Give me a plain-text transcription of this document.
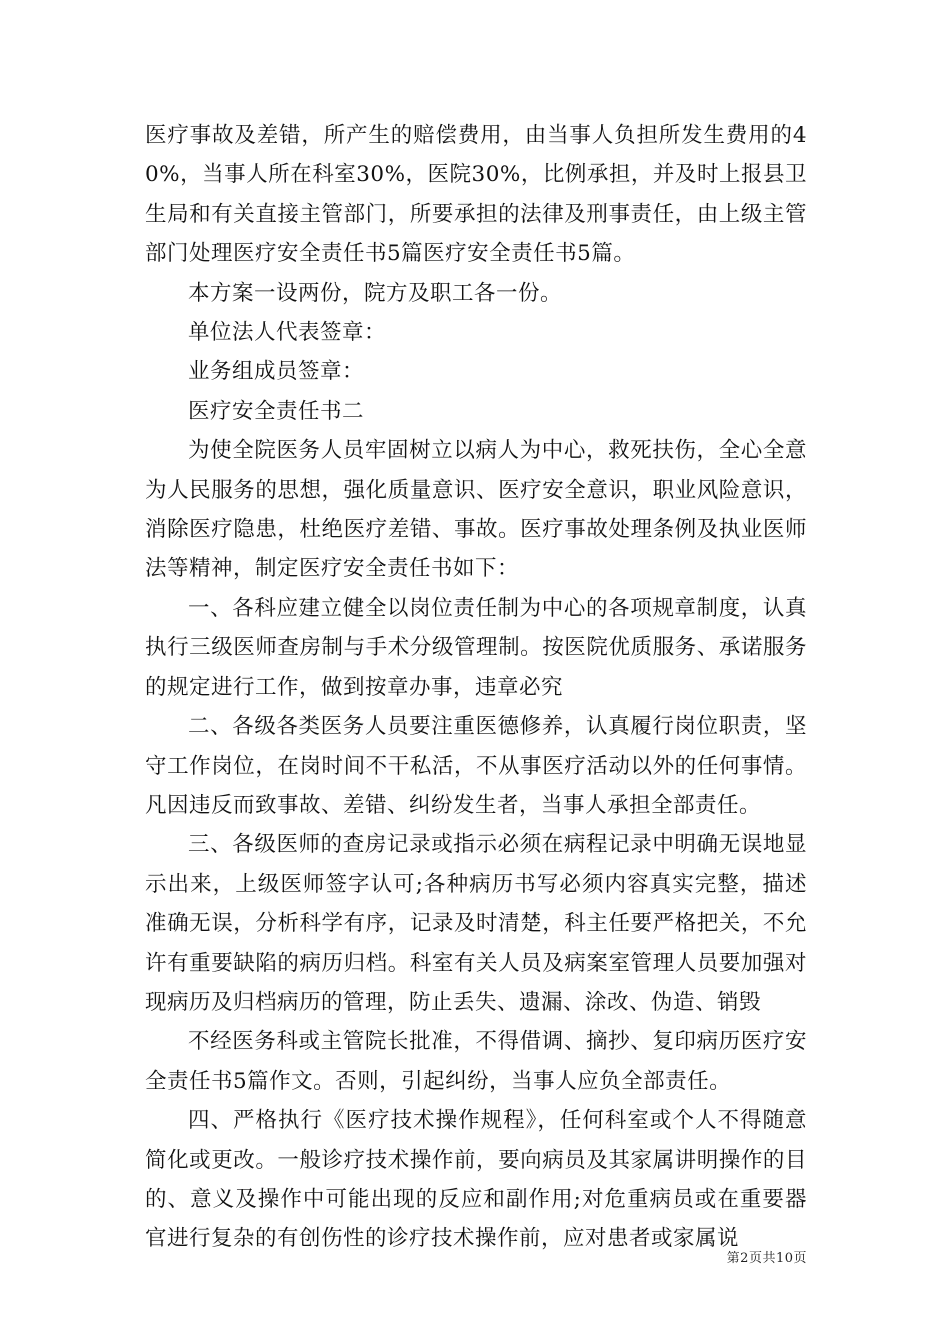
医疗事故及差错，所产生的赔偿费用，由当事人负担所发生费用的40%，当事人所在科室30%，医院30%，比例承担，并及时上报县卫生局和有关直接主管部门，所要承担的法律及刑事责任，由上级主管部门处理医疗安全责任书5篇医疗安全责任书5篇。

本方案一设两份，院方及职工各一份。

单位法人代表签章：

业务组成员签章：

医疗安全责任书二

为使全院医务人员牢固树立以病人为中心，救死扶伤，全心全意为人民服务的思想，强化质量意识、医疗安全意识，职业风险意识，消除医疗隐患，杜绝医疗差错、事故。医疗事故处理条例及执业医师法等精神，制定医疗安全责任书如下：

一、各科应建立健全以岗位责任制为中心的各项规章制度，认真执行三级医师查房制与手术分级管理制。按医院优质服务、承诺服务的规定进行工作，做到按章办事，违章必究

二、各级各类医务人员要注重医德修养，认真履行岗位职责，坚守工作岗位，在岗时间不干私活，不从事医疗活动以外的任何事情。凡因违反而致事故、差错、纠纷发生者，当事人承担全部责任。

三、各级医师的查房记录或指示必须在病程记录中明确无误地显示出来，上级医师签字认可;各种病历书写必须内容真实完整，描述准确无误，分析科学有序，记录及时清楚，科主任要严格把关，不允许有重要缺陷的病历归档。科室有关人员及病案室管理人员要加强对现病历及归档病历的管理，防止丢失、遗漏、涂改、伪造、销毁

不经医务科或主管院长批准，不得借调、摘抄、复印病历医疗安全责任书5篇作文。否则，引起纠纷，当事人应负全部责任。

四、严格执行《医疗技术操作规程》，任何科室或个人不得随意简化或更改。一般诊疗技术操作前，要向病员及其家属讲明操作的目的、意义及操作中可能出现的反应和副作用;对危重病员或在重要器官进行复杂的有创伤性的诊疗技术操作前，应对患者或家属说

第2页共10页
